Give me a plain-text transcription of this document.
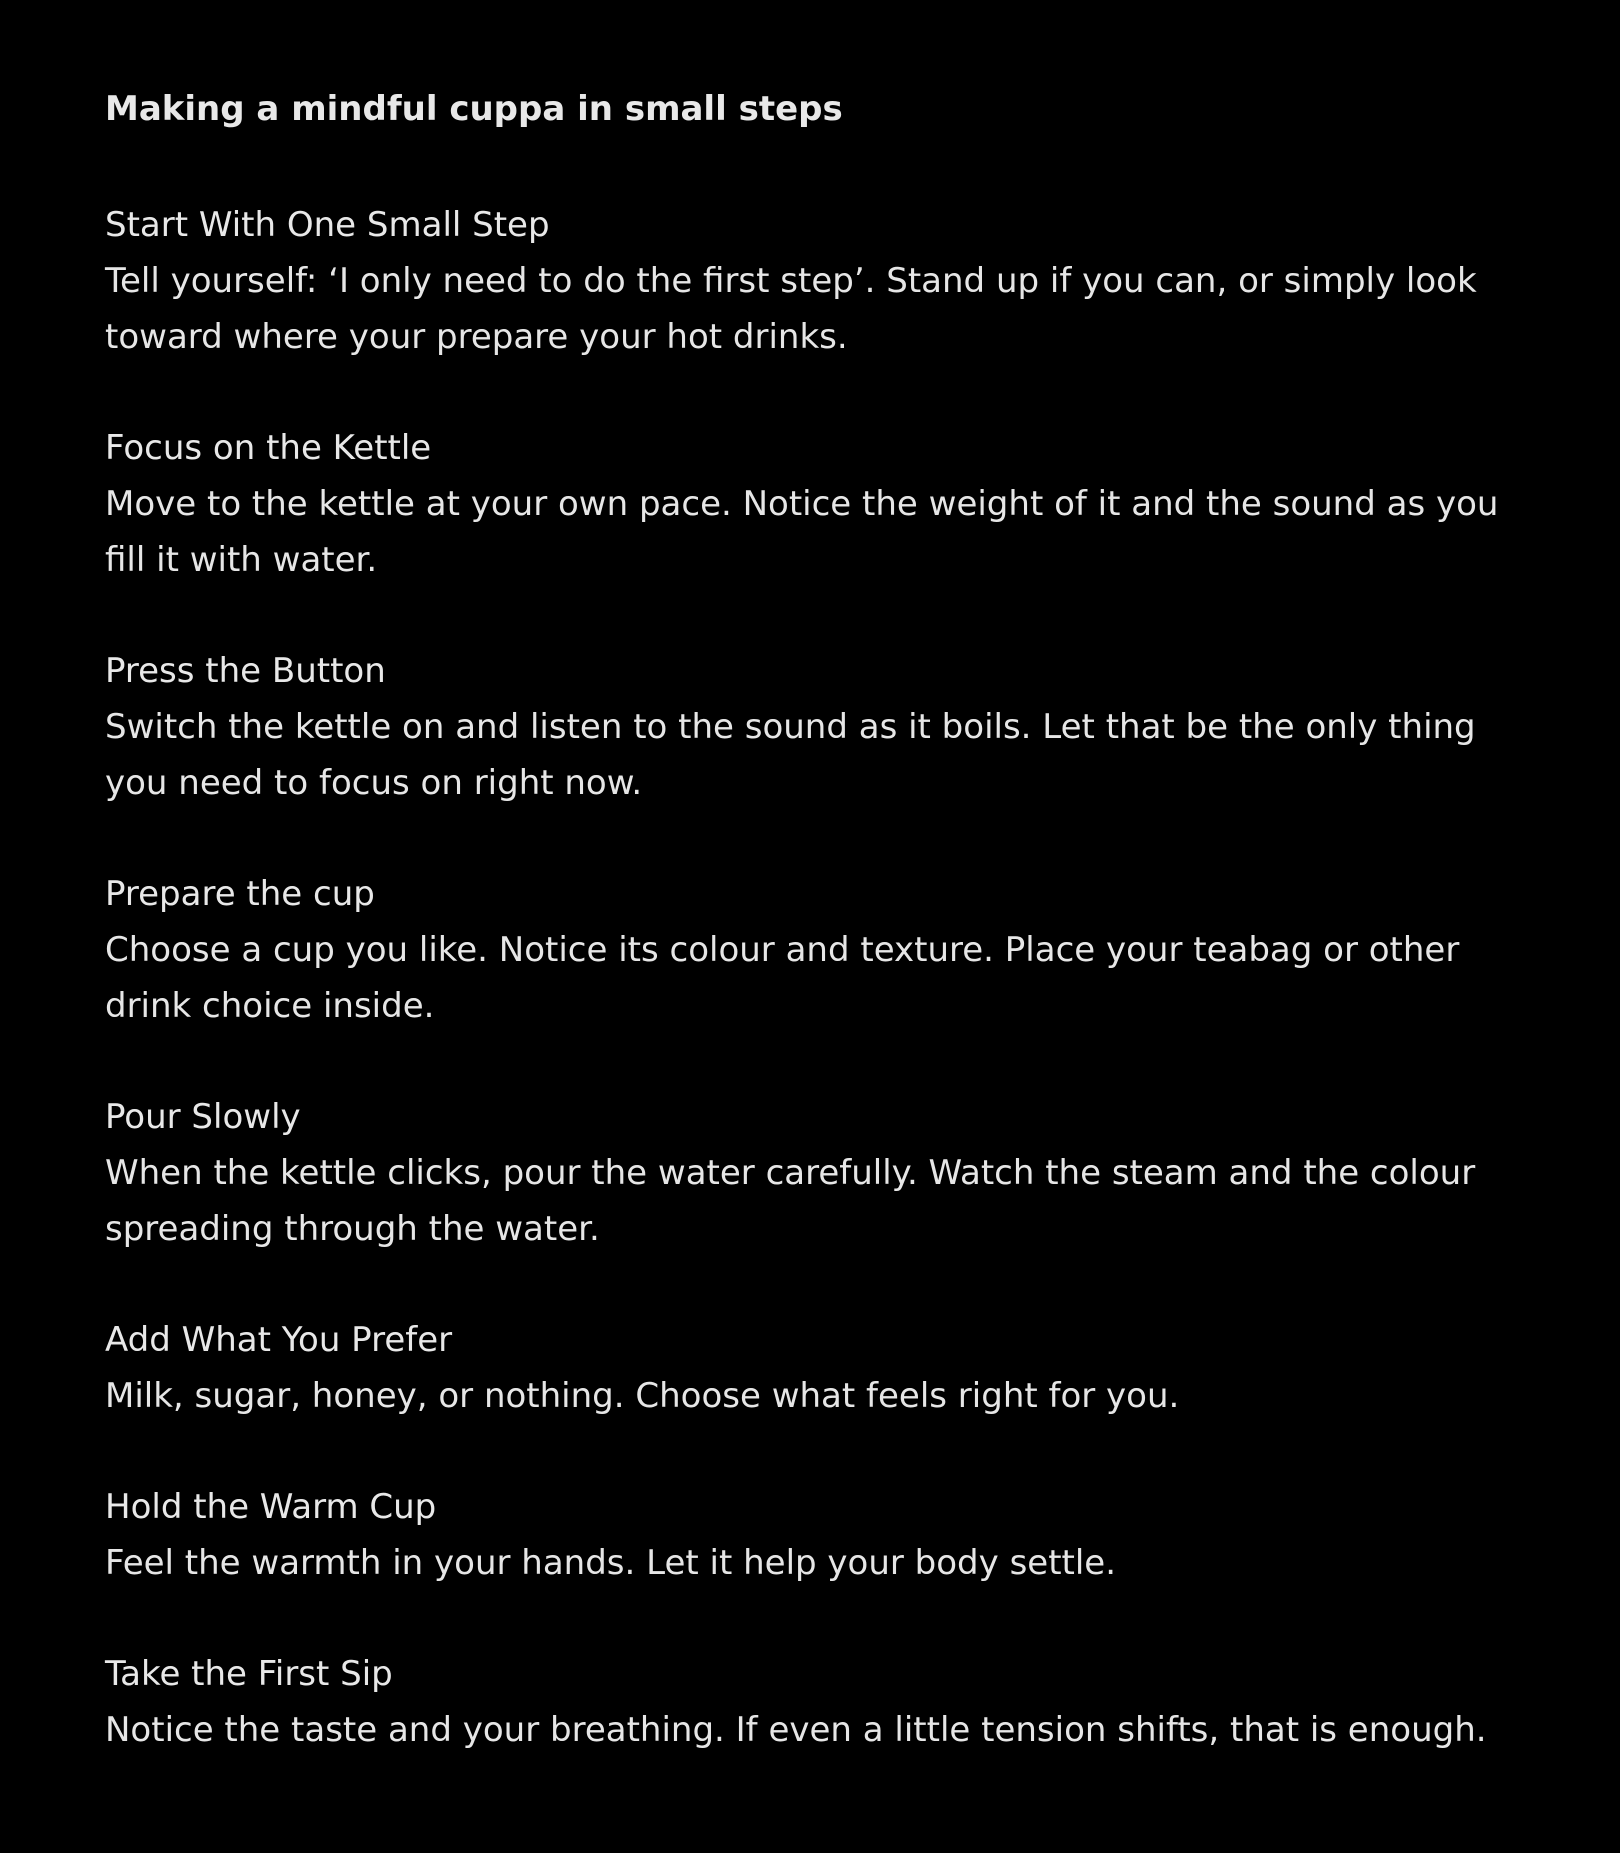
Making a mindful cuppa in small steps

Start With One Small Step

Tell yourself: ‘I only need to do the first step’. Stand up if you can, or simply look toward where your prepare your hot drinks.

Focus on the Kettle

Move to the kettle at your own pace. Notice the weight of it and the sound as you fill it with water.

Press the Button

Switch the kettle on and listen to the sound as it boils. Let that be the only thing you need to focus on right now.

Prepare the cup

Choose a cup you like. Notice its colour and texture. Place your teabag or other drink choice inside.

Pour Slowly

When the kettle clicks, pour the water carefully. Watch the steam and the colour spreading through the water.

Add What You Prefer

Milk, sugar, honey, or nothing. Choose what feels right for you.

Hold the Warm Cup

Feel the warmth in your hands. Let it help your body settle.

Take the First Sip

Notice the taste and your breathing. If even a little tension shifts, that is enough.
